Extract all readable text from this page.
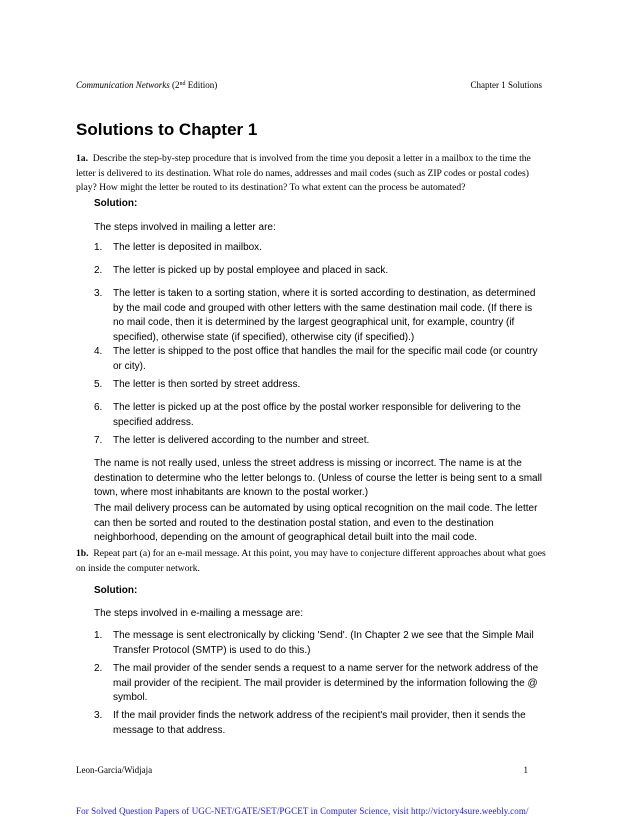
Communication Networks (2nd Edition)	Chapter 1 Solutions
Solutions to Chapter 1

1a. Describe the step-by-step procedure that is involved from the time you deposit a letter in a mailbox to the time the letter is delivered to its destination. What role do names, addresses and mail codes (such as ZIP codes or postal codes) play? How might the letter be routed to its destination? To what extent can the process be automated?

Solution:
The steps involved in mailing a letter are:
1. The letter is deposited in mailbox.
2. The letter is picked up by postal employee and placed in sack.
3. The letter is taken to a sorting station, where it is sorted according to destination, as determined by the mail code and grouped with other letters with the same destination mail code. (If there is no mail code, then it is determined by the largest geographical unit, for example, country (if specified), otherwise state (if specified), otherwise city (if specified).)
4. The letter is shipped to the post office that handles the mail for the specific mail code (or country or city).
5. The letter is then sorted by street address.
6. The letter is picked up at the post office by the postal worker responsible for delivering to the specified address.
7. The letter is delivered according to the number and street.
The name is not really used, unless the street address is missing or incorrect. The name is at the destination to determine who the letter belongs to. (Unless of course the letter is being sent to a small town, where most inhabitants are known to the postal worker.)
The mail delivery process can be automated by using optical recognition on the mail code. The letter can then be sorted and routed to the destination postal station, and even to the destination neighborhood, depending on the amount of geographical detail built into the mail code.

1b. Repeat part (a) for an e-mail message. At this point, you may have to conjecture different approaches about what goes on inside the computer network.

Solution:
The steps involved in e-mailing a message are:
1. The message is sent electronically by clicking 'Send'. (In Chapter 2 we see that the Simple Mail Transfer Protocol (SMTP) is used to do this.)
2. The mail provider of the sender sends a request to a name server for the network address of the mail provider of the recipient. The mail provider is determined by the information following the @ symbol.
3. If the mail provider finds the network address of the recipient's mail provider, then it sends the message to that address.
Leon-Garcia/Widjaja	1
For Solved Question Papers of UGC-NET/GATE/SET/PGCET in Computer Science, visit http://victory4sure.weebly.com/
